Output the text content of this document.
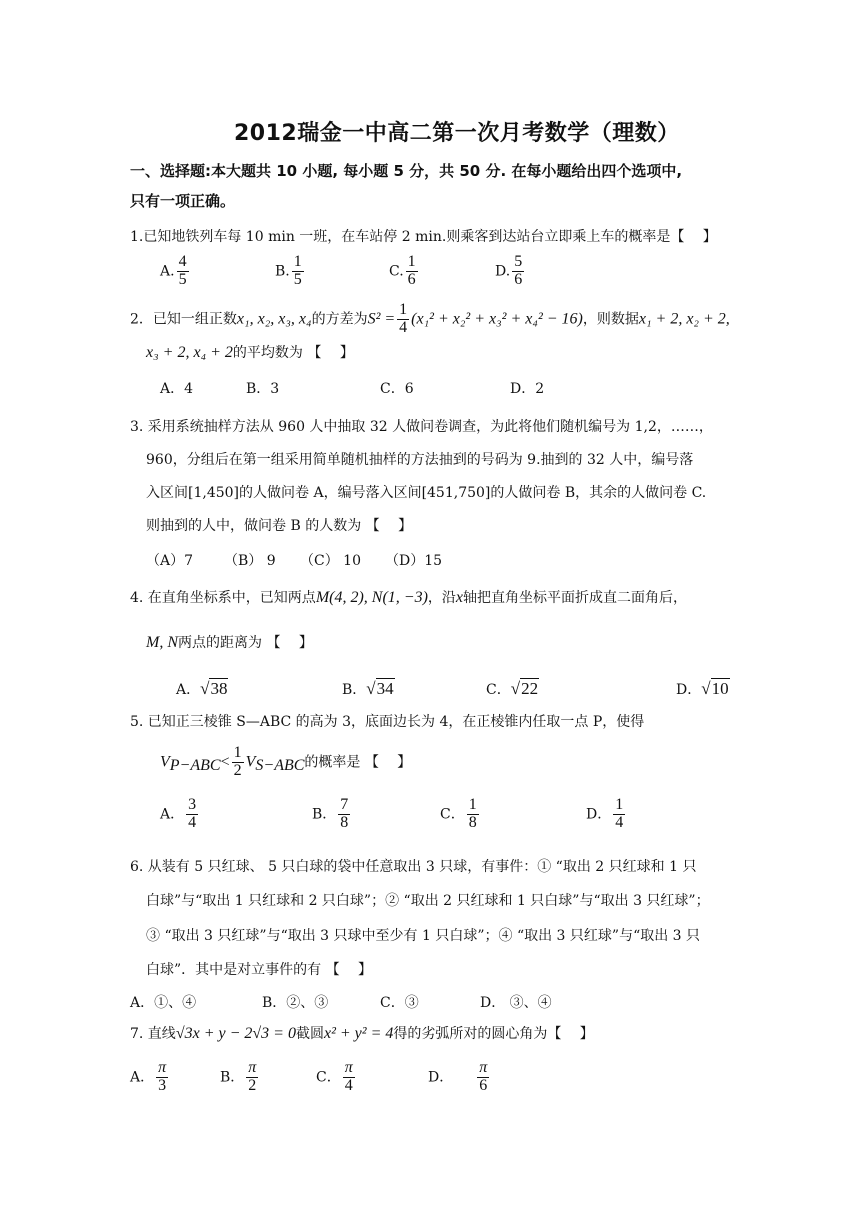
2012瑞金一中高二第一次月考数学（理数）
一、选择题:本大题共 10 小题, 每小题 5 分，共 50 分. 在每小题给出四个选项中,
只有一项正确。
1.已知地铁列车每 10 min 一班，在车站停 2 min.则乘客到达站台立即乘上车的概率是【　 】
A. $\frac{4}{5}$	B. $\frac{1}{5}$	C. $\frac{1}{6}$	D. $\frac{5}{6}$
2．已知一组正数x₁, x₂, x₃, x₄的方差为$S^2 = \frac{1}{4} (x_1^2 + x_2^2 + x_3^2 + x_4^2 - 16)$，则数据x₁ + 2, x₂ + 2,
x₃ + 2, x₄ + 2的平均数为 【　 】
A．4	B．3	C．6	D．2
3. 采用系统抽样方法从 960 人中抽取 32 人做问卷调查，为此将他们随机编号为 1,2，……，
960，分组后在第一组采用简单随机抽样的方法抽到的号码为 9.抽到的 32 人中，编号落
入区间[1,450]的人做问卷 A，编号落入区间[451,750]的人做问卷 B，其余的人做问卷 C.
则抽到的人中，做问卷 B 的人数为 【　 】
（A）7 （B） 9 （C） 10 （D）15
4. 在直角坐标系中，已知两点M(4, 2), N(1, −3)，沿x轴把直角坐标平面折成直二面角后，
M, N两点的距离为 【　 】
A．√38	B．√34	C．√22	D．√10
5. 已知正三棱锥 S—ABC 的高为 3，底面边长为 4，在正棱锥内任取一点 P，使得
$V_{P-ABC}< \frac{1}{2} V_{S-ABC}$的概率是 【　 】
A． $\frac{3}{4}$	B． $\frac{7}{8}$	C． $\frac{1}{8}$	D． $\frac{1}{4}$
6. 从装有 5 只红球、 5 只白球的袋中任意取出 3 只球，有事件：① “取出 2 只红球和 1 只
白球”与“取出 1 只红球和 2 只白球”；② “取出 2 只红球和 1 只白球”与“取出 3 只红球”；
③ “取出 3 只红球”与“取出 3 只球中至少有 1 只白球”；④ “取出 3 只红球”与“取出 3 只
白球”．其中是对立事件的有 【　 】
A．①、④	B．②、③	C．③	D． ③、④
7. 直线√3x + y − 2√3 = 0截圆x² + y² = 4得的劣弧所对的圆心角为【　 】
A． $\frac{\pi}{3}$	B． $\frac{\pi}{2}$	C． $\frac{\pi}{4}$	D． $\frac{\pi}{6}$
